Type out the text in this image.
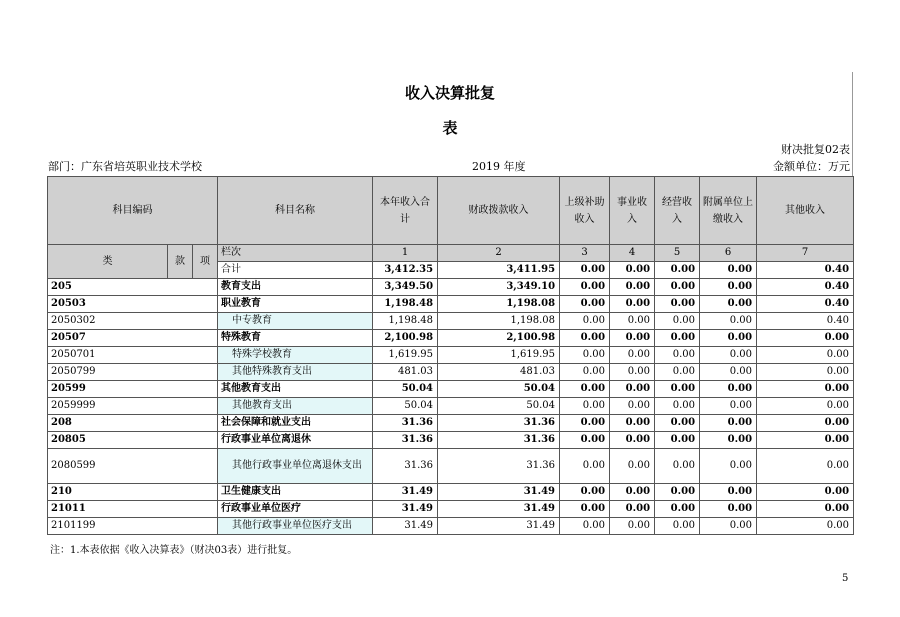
收入决算批复
表
财决批复02表
部门：广东省培英职业技术学校	2019 年度	金额单位：万元
科目编码			科目名称	本年收入合计	财政拨款收入	上级补助收入	事业收入	经营收入	附属单位上缴收入	其他收入
类	款	项	栏次	1	2	3	4	5	6	7
			合计	3,412.35	3,411.95	0.00	0.00	0.00	0.00	0.40
205			教育支出	3,349.50	3,349.10	0.00	0.00	0.00	0.00	0.40
20503			职业教育	1,198.48	1,198.08	0.00	0.00	0.00	0.00	0.40
2050302			中专教育	1,198.48	1,198.08	0.00	0.00	0.00	0.00	0.40
20507			特殊教育	2,100.98	2,100.98	0.00	0.00	0.00	0.00	0.00
2050701			特殊学校教育	1,619.95	1,619.95	0.00	0.00	0.00	0.00	0.00
2050799			其他特殊教育支出	481.03	481.03	0.00	0.00	0.00	0.00	0.00
20599			其他教育支出	50.04	50.04	0.00	0.00	0.00	0.00	0.00
2059999			其他教育支出	50.04	50.04	0.00	0.00	0.00	0.00	0.00
208			社会保障和就业支出	31.36	31.36	0.00	0.00	0.00	0.00	0.00
20805			行政事业单位离退休	31.36	31.36	0.00	0.00	0.00	0.00	0.00
2080599			其他行政事业单位离退休支出	31.36	31.36	0.00	0.00	0.00	0.00	0.00
210			卫生健康支出	31.49	31.49	0.00	0.00	0.00	0.00	0.00
21011			行政事业单位医疗	31.49	31.49	0.00	0.00	0.00	0.00	0.00
2101199			其他行政事业单位医疗支出	31.49	31.49	0.00	0.00	0.00	0.00	0.00
注：1.本表依据《收入决算表》（财决03表）进行批复。
5
